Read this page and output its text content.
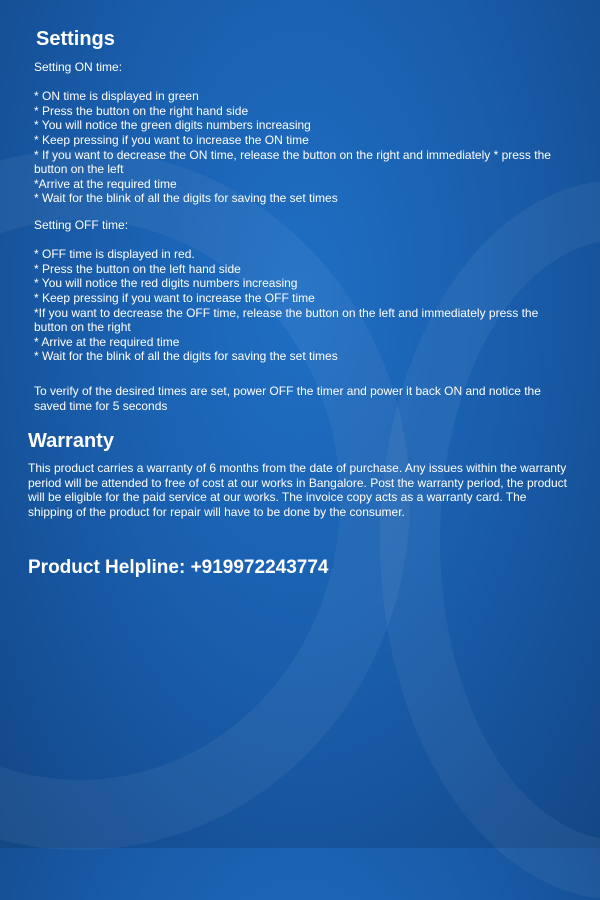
Settings
Setting ON time:
* ON time is displayed in green
* Press the button on the right hand side
* You will notice the green digits numbers increasing
* Keep pressing if you want to increase the ON time
* If you want to decrease the ON time, release the button on the right and immediately * press the button on the left
*Arrive at the required time
* Wait for the blink of all the digits for saving the set times
Setting OFF time:
* OFF time is displayed in red.
* Press the button on the left hand side
* You will notice the red digits numbers increasing
* Keep pressing if you want to increase the OFF time
*If you want to decrease the OFF time, release the button on the left and immediately press the button on the right
* Arrive at the required time
* Wait for the blink of all the digits for saving the set times
To verify of the desired times are set, power OFF the timer and power it back ON and notice the saved time for 5 seconds
Warranty
This product carries a warranty of 6 months from the date of purchase. Any issues within the warranty period will be attended to free of cost at our works in Bangalore. Post the warranty period, the product will be eligible for the paid service at our works. The invoice copy acts as a warranty card. The shipping of the product for repair will have to be done by the consumer.
Product Helpline: +919972243774
